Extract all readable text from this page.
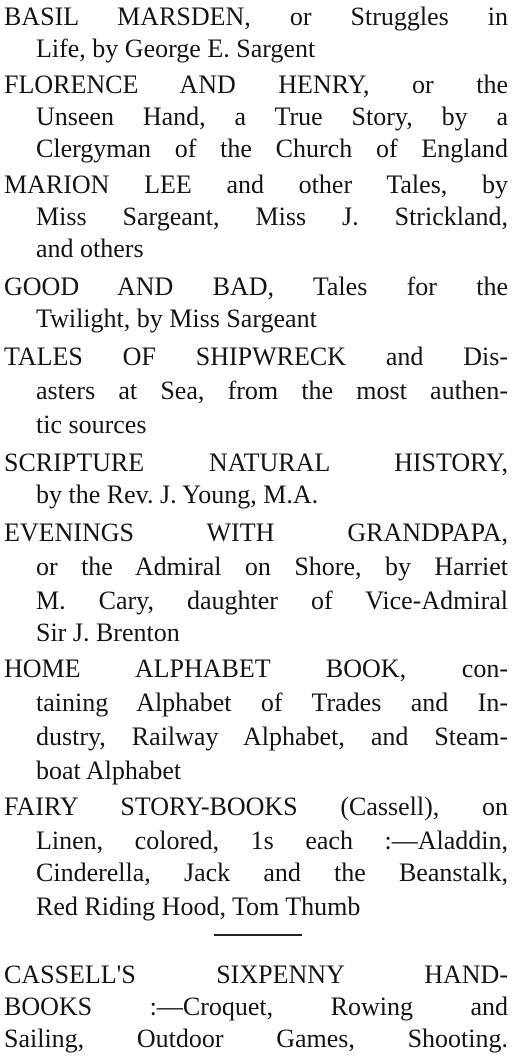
BASIL MARSDEN, or Struggles in
Life, by George E. Sargent
FLORENCE AND HENRY, or the
Unseen Hand, a True Story, by a
Clergyman of the Church of England
MARION LEE and other Tales, by
Miss Sargeant, Miss J. Strickland,
and others
GOOD AND BAD, Tales for the
Twilight, by Miss Sargeant
TALES OF SHIPWRECK and Dis-
asters at Sea, from the most authen-
tic sources
SCRIPTURE NATURAL HISTORY,
by the Rev. J. Young, M.A.
EVENINGS WITH GRANDPAPA,
or the Admiral on Shore, by Harriet
M. Cary, daughter of Vice-Admiral
Sir J. Brenton
HOME ALPHABET BOOK, con-
taining Alphabet of Trades and In-
dustry, Railway Alphabet, and Steam-
boat Alphabet
FAIRY STORY-BOOKS (Cassell), on
Linen, colored, 1s each :—Aladdin,
Cinderella, Jack and the Beanstalk,
Red Riding Hood, Tom Thumb
CASSELL'S SIXPENNY HAND-
BOOKS :—Croquet, Rowing and
Sailing, Outdoor Games, Shooting.
